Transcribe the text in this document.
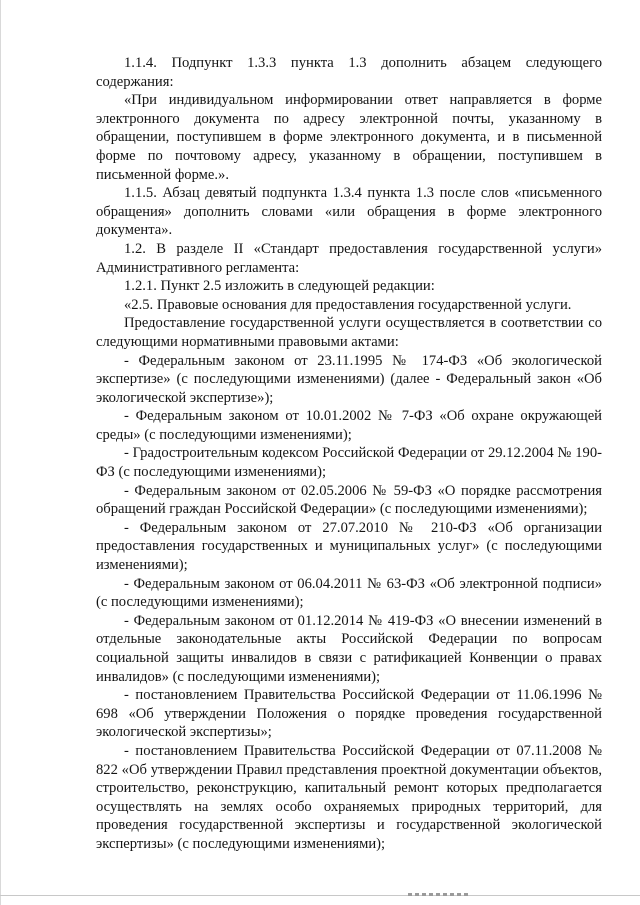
1.1.4. Подпункт 1.3.3 пункта 1.3 дополнить абзацем следующего содержания:

«При индивидуальном информировании ответ направляется в форме электронного документа по адресу электронной почты, указанному в обращении, поступившем в форме электронного документа, и в письменной форме по почтовому адресу, указанному в обращении, поступившем в письменной форме.».

1.1.5. Абзац девятый подпункта 1.3.4 пункта 1.3 после слов «письменного обращения» дополнить словами «или обращения в форме электронного документа».

1.2. В разделе II «Стандарт предоставления государственной услуги» Административного регламента:

1.2.1. Пункт 2.5 изложить в следующей редакции:

«2.5. Правовые основания для предоставления государственной услуги.

Предоставление государственной услуги осуществляется в соответствии со следующими нормативными правовыми актами:

- Федеральным законом от 23.11.1995 № 174-ФЗ «Об экологической экспертизе» (с последующими изменениями) (далее - Федеральный закон «Об экологической экспертизе»);

- Федеральным законом от 10.01.2002 № 7-ФЗ «Об охране окружающей среды» (с последующими изменениями);

- Градостроительным кодексом Российской Федерации от 29.12.2004 № 190-ФЗ (с последующими изменениями);

- Федеральным законом от 02.05.2006 № 59-ФЗ «О порядке рассмотрения обращений граждан Российской Федерации» (с последующими изменениями);

- Федеральным законом от 27.07.2010 № 210-ФЗ «Об организации предоставления государственных и муниципальных услуг» (с последующими изменениями);

- Федеральным законом от 06.04.2011 № 63-ФЗ «Об электронной подписи» (с последующими изменениями);

- Федеральным законом от 01.12.2014 № 419-ФЗ «О внесении изменений в отдельные законодательные акты Российской Федерации по вопросам социальной защиты инвалидов в связи с ратификацией Конвенции о правах инвалидов» (с последующими изменениями);

- постановлением Правительства Российской Федерации от 11.06.1996 № 698 «Об утверждении Положения о порядке проведения государственной экологической экспертизы»;

- постановлением Правительства Российской Федерации от 07.11.2008 № 822 «Об утверждении Правил представления проектной документации объектов, строительство, реконструкцию, капитальный ремонт которых предполагается осуществлять на землях особо охраняемых природных территорий, для проведения государственной экспертизы и государственной экологической экспертизы» (с последующими изменениями);
